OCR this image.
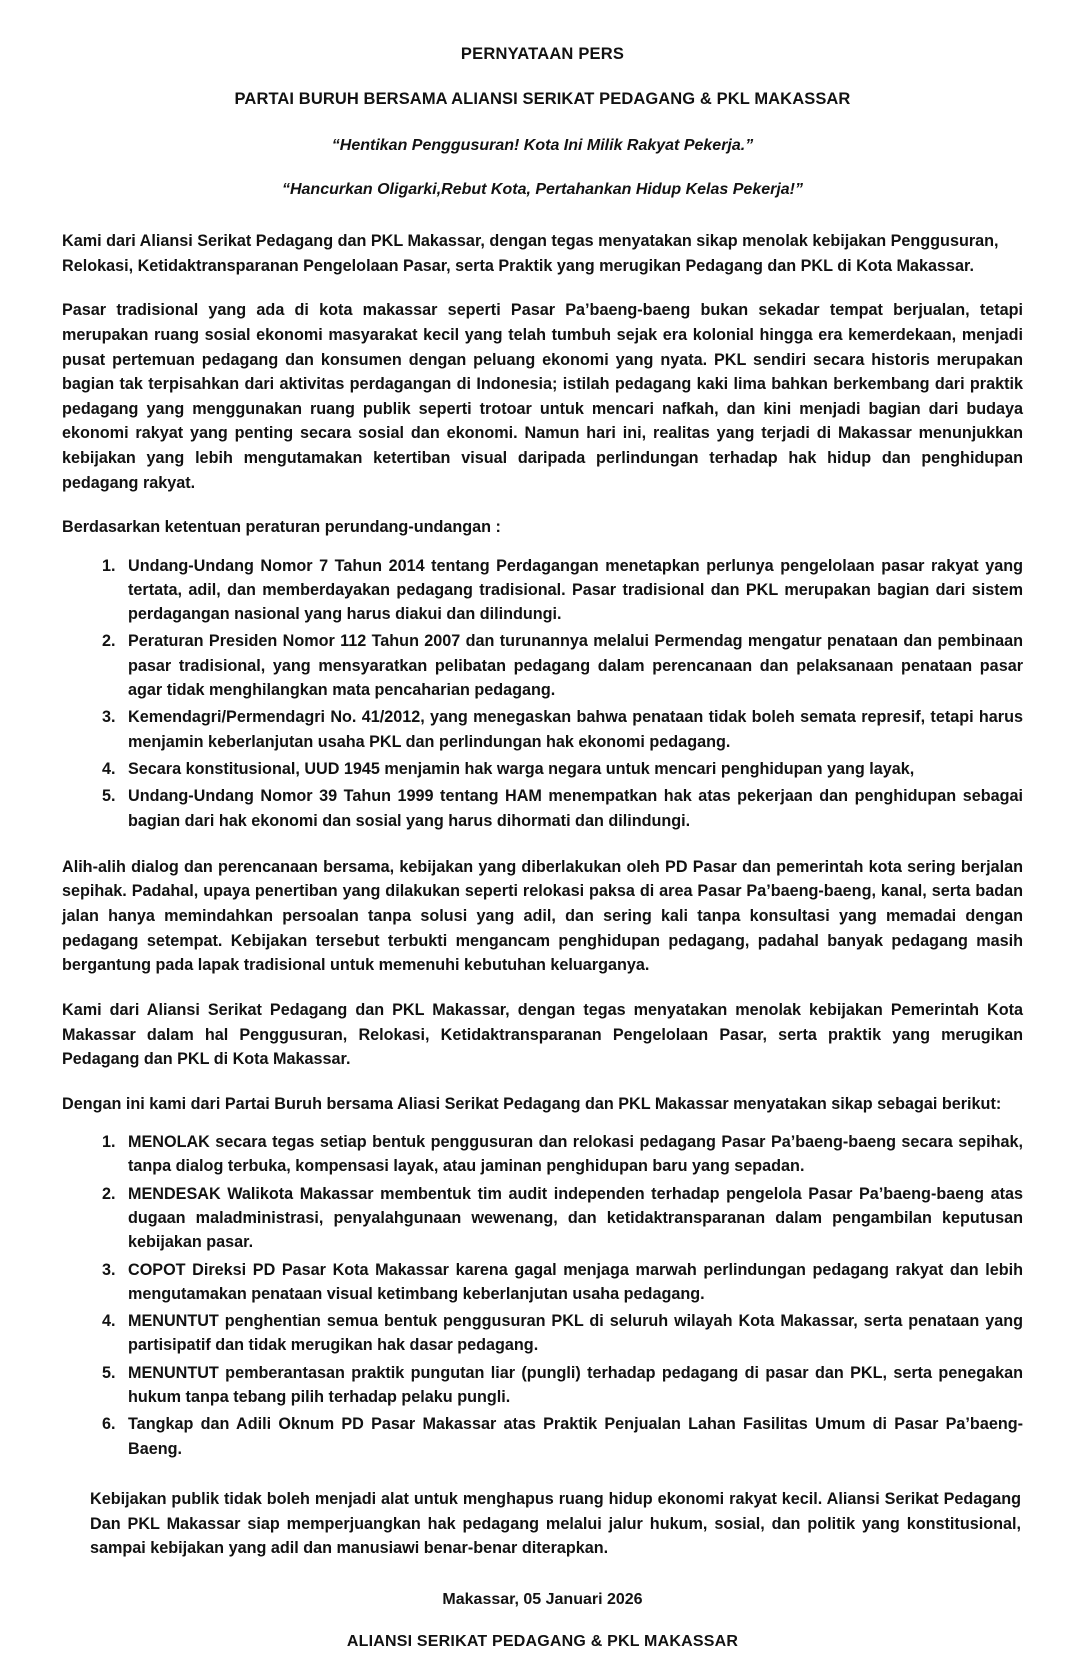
PERNYATAAN PERS
PARTAI BURUH BERSAMA ALIANSI SERIKAT PEDAGANG & PKL MAKASSAR

“Hentikan Penggusuran! Kota Ini Milik Rakyat Pekerja.”

“Hancurkan Oligarki,Rebut Kota, Pertahankan Hidup Kelas Pekerja!”

Kami dari Aliansi Serikat Pedagang dan PKL Makassar, dengan tegas menyatakan sikap menolak kebijakan Penggusuran, Relokasi, Ketidaktransparanan Pengelolaan Pasar, serta Praktik yang merugikan Pedagang dan PKL di Kota Makassar.

Pasar tradisional yang ada di kota makassar seperti Pasar Pa’baeng-baeng bukan sekadar tempat berjualan, tetapi merupakan ruang sosial ekonomi masyarakat kecil yang telah tumbuh sejak era kolonial hingga era kemerdekaan, menjadi pusat pertemuan pedagang dan konsumen dengan peluang ekonomi yang nyata. PKL sendiri secara historis merupakan bagian tak terpisahkan dari aktivitas perdagangan di Indonesia; istilah pedagang kaki lima bahkan berkembang dari praktik pedagang yang menggunakan ruang publik seperti trotoar untuk mencari nafkah, dan kini menjadi bagian dari budaya ekonomi rakyat yang penting secara sosial dan ekonomi. Namun hari ini, realitas yang terjadi di Makassar menunjukkan kebijakan yang lebih mengutamakan ketertiban visual daripada perlindungan terhadap hak hidup dan penghidupan pedagang rakyat.

Berdasarkan ketentuan peraturan perundang-undangan :

1. Undang-Undang Nomor 7 Tahun 2014 tentang Perdagangan menetapkan perlunya pengelolaan pasar rakyat yang tertata, adil, dan memberdayakan pedagang tradisional. Pasar tradisional dan PKL merupakan bagian dari sistem perdagangan nasional yang harus diakui dan dilindungi.
2. Peraturan Presiden Nomor 112 Tahun 2007 dan turunannya melalui Permendag mengatur penataan dan pembinaan pasar tradisional, yang mensyaratkan pelibatan pedagang dalam perencanaan dan pelaksanaan penataan pasar agar tidak menghilangkan mata pencaharian pedagang.
3. Kemendagri/Permendagri No. 41/2012, yang menegaskan bahwa penataan tidak boleh semata represif, tetapi harus menjamin keberlanjutan usaha PKL dan perlindungan hak ekonomi pedagang.
4. Secara konstitusional, UUD 1945 menjamin hak warga negara untuk mencari penghidupan yang layak,
5. Undang-Undang Nomor 39 Tahun 1999 tentang HAM menempatkan hak atas pekerjaan dan penghidupan sebagai bagian dari hak ekonomi dan sosial yang harus dihormati dan dilindungi.

Alih-alih dialog dan perencanaan bersama, kebijakan yang diberlakukan oleh PD Pasar dan pemerintah kota sering berjalan sepihak. Padahal, upaya penertiban yang dilakukan seperti relokasi paksa di area Pasar Pa’baeng-baeng, kanal, serta badan jalan hanya memindahkan persoalan tanpa solusi yang adil, dan sering kali tanpa konsultasi yang memadai dengan pedagang setempat. Kebijakan tersebut terbukti mengancam penghidupan pedagang, padahal banyak pedagang masih bergantung pada lapak tradisional untuk memenuhi kebutuhan keluarganya.

Kami dari Aliansi Serikat Pedagang dan PKL Makassar, dengan tegas menyatakan menolak kebijakan Pemerintah Kota Makassar dalam hal Penggusuran, Relokasi, Ketidaktransparanan Pengelolaan Pasar, serta praktik yang merugikan Pedagang dan PKL di Kota Makassar.

Dengan ini kami dari Partai Buruh bersama Aliasi Serikat Pedagang dan PKL Makassar menyatakan sikap sebagai berikut:

1. MENOLAK secara tegas setiap bentuk penggusuran dan relokasi pedagang Pasar Pa’baeng-baeng secara sepihak, tanpa dialog terbuka, kompensasi layak, atau jaminan penghidupan baru yang sepadan.
2. MENDESAK Walikota Makassar membentuk tim audit independen terhadap pengelola Pasar Pa’baeng-baeng atas dugaan maladministrasi, penyalahgunaan wewenang, dan ketidaktransparanan dalam pengambilan keputusan kebijakan pasar.
3. COPOT Direksi PD Pasar Kota Makassar karena gagal menjaga marwah perlindungan pedagang rakyat dan lebih mengutamakan penataan visual ketimbang keberlanjutan usaha pedagang.
4. MENUNTUT penghentian semua bentuk penggusuran PKL di seluruh wilayah Kota Makassar, serta penataan yang partisipatif dan tidak merugikan hak dasar pedagang.
5. MENUNTUT pemberantasan praktik pungutan liar (pungli) terhadap pedagang di pasar dan PKL, serta penegakan hukum tanpa tebang pilih terhadap pelaku pungli.
6. Tangkap dan Adili Oknum PD Pasar Makassar atas Praktik Penjualan Lahan Fasilitas Umum di Pasar Pa’baeng-Baeng.

Kebijakan publik tidak boleh menjadi alat untuk menghapus ruang hidup ekonomi rakyat kecil. Aliansi Serikat Pedagang Dan PKL Makassar siap memperjuangkan hak pedagang melalui jalur hukum, sosial, dan politik yang konstitusional, sampai kebijakan yang adil dan manusiawi benar-benar diterapkan.

Makassar, 05 Januari 2026

ALIANSI SERIKAT PEDAGANG & PKL MAKASSAR
